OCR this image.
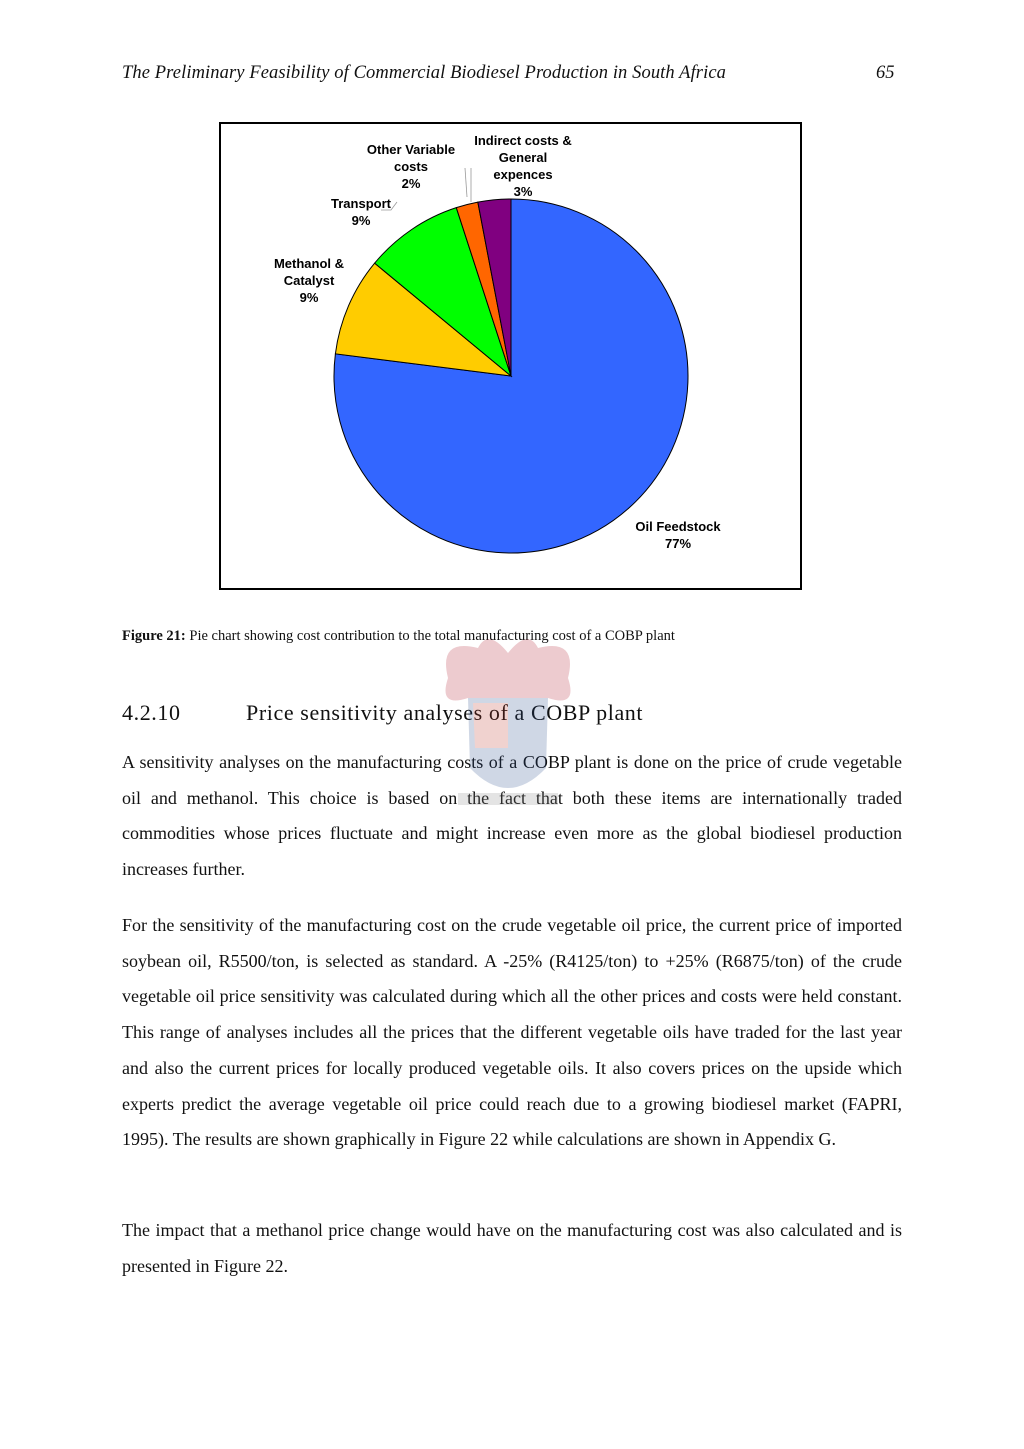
The Preliminary Feasibility of Commercial Biodiesel Production in South Africa	65
Oil Feedstock 77%
Methanol & Catalyst 9%
Transport 9%
Other Variable costs 2%
Indirect costs & General expences 3%
Figure 21: Pie chart showing cost contribution to the total manufacturing cost of a COBP plant
4.2.10	Price sensitivity analyses of a COBP plant

A sensitivity analyses on the manufacturing costs of a COBP plant is done on the price of crude vegetable oil and methanol. This choice is based on the fact that both these items are internationally traded commodities whose prices fluctuate and might increase even more as the global biodiesel production increases further.

For the sensitivity of the manufacturing cost on the crude vegetable oil price, the current price of imported soybean oil, R5500/ton, is selected as standard. A -25% (R4125/ton) to +25% (R6875/ton) of the crude vegetable oil price sensitivity was calculated during which all the other prices and costs were held constant. This range of analyses includes all the prices that the different vegetable oils have traded for the last year and also the current prices for locally produced vegetable oils. It also covers prices on the upside which experts predict the average vegetable oil price could reach due to a growing biodiesel market (FAPRI, 1995). The results are shown graphically in Figure 22 while calculations are shown in Appendix G.

The impact that a methanol price change would have on the manufacturing cost was also calculated and is presented in Figure 22.
